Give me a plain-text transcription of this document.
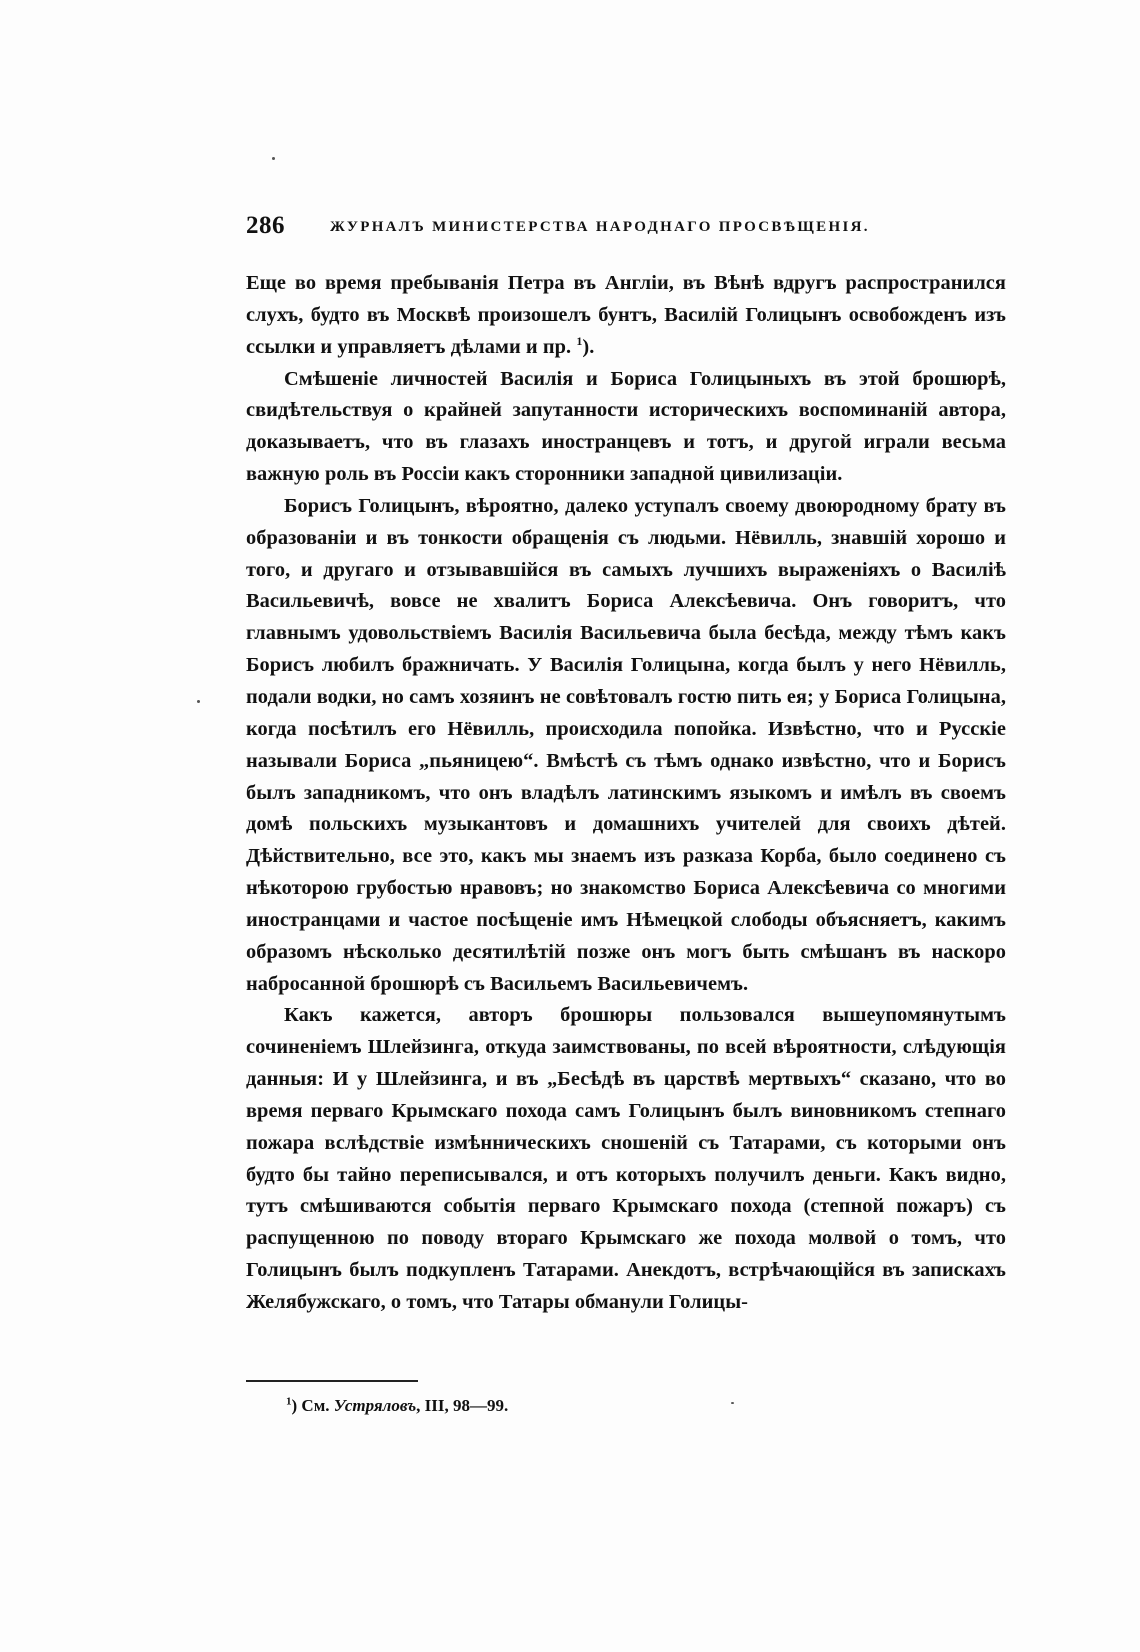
286	ЖУРНАЛЪ МИНИСТЕРСТВА НАРОДНАГО ПРОСВѢЩЕНІЯ.

Еще во время пребыванія Петра въ Англіи, въ Вѣнѣ вдругъ распространился слухъ, будто въ Москвѣ произошелъ бунтъ, Василій Голицынъ освобожденъ изъ ссылки и управляетъ дѣлами и пр. $^1$).

Смѣшеніе личностей Василія и Бориса Голицыныхъ въ этой брошюрѣ, свидѣтельствуя о крайней запутанности историческихъ воспоминаній автора, доказываетъ, что въ глазахъ иностранцевъ и тотъ, и другой играли весьма важную роль въ Россіи какъ сторонники западной цивилизаціи.

Борисъ Голицынъ, вѣроятно, далеко уступалъ своему двоюродному брату въ образованіи и въ тонкости обращенія съ людьми. Нёвилль, знавшій хорошо и того, и другаго и отзывавшійся въ самыхъ лучшихъ выраженіяхъ о Василіѣ Васильевичѣ, вовсе не хвалитъ Бориса Алексѣевича. Онъ говоритъ, что главнымъ удовольствіемъ Василія Васильевича была бесѣда, между тѣмъ какъ Борисъ любилъ бражничать. У Василія Голицына, когда былъ у него Нёвилль, подали водки, но самъ хозяинъ не совѣтовалъ гостю пить ея; у Бориса Голицына, когда посѣтилъ его Нёвилль, происходила попойка. Извѣстно, что и Русскіе называли Бориса „пьяницею“. Вмѣстѣ съ тѣмъ однако извѣстно, что и Борисъ былъ западникомъ, что онъ владѣлъ латинскимъ языкомъ и имѣлъ въ своемъ домѣ польскихъ музыкантовъ и домашнихъ учителей для своихъ дѣтей. Дѣйствительно, все это, какъ мы знаемъ изъ разказа Корба, было соединено съ нѣкоторою грубостью нравовъ; но знакомство Бориса Алексѣевича со многими иностранцами и частое посѣщеніе имъ Нѣмецкой слободы объясняетъ, какимъ образомъ нѣсколько десятилѣтій позже онъ могъ быть смѣшанъ въ наскоро набросанной брошюрѣ съ Васильемъ Васильевичемъ.

Какъ кажется, авторъ брошюры пользовался вышеупомянутымъ сочиненіемъ Шлейзинга, откуда заимствованы, по всей вѣроятности, слѣдующія данныя: И у Шлейзинга, и въ „Бесѣдѣ въ царствѣ мертвыхъ“ сказано, что во время перваго Крымскаго похода самъ Голицынъ былъ виновникомъ степнаго пожара вслѣдствіе измѣнническихъ сношеній съ Татарами, съ которыми онъ будто бы тайно переписывался, и отъ которыхъ получилъ деньги. Какъ видно, тутъ смѣшиваются событія перваго Крымскаго похода (степной пожаръ) съ распущенною по поводу втораго Крымскаго же похода молвой о томъ, что Голицынъ былъ подкупленъ Татарами. Анекдотъ, встрѣчающійся въ запискахъ Желябужскаго, о томъ, что Татары обманули Голицы-

$^1$) См. Устряловъ, III, 98—99.
